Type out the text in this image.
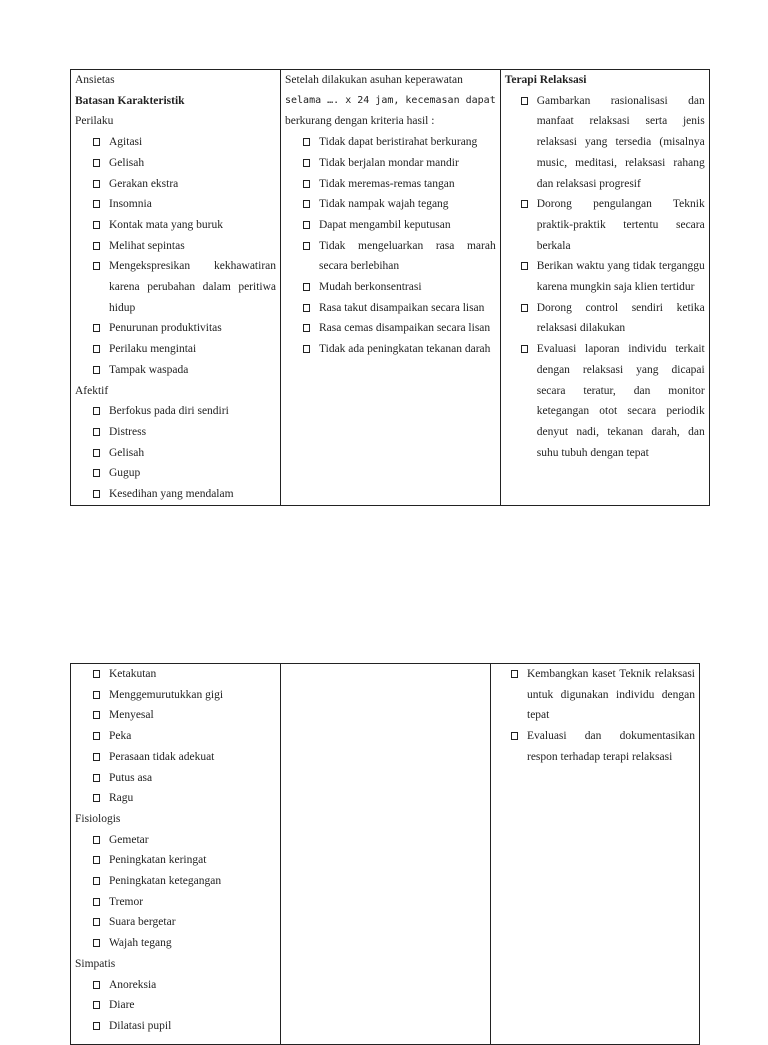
Ansietas
Batasan Karakteristik
Perilaku
Agitasi
Gelisah
Gerakan ekstra
Insomnia
Kontak mata yang buruk
Melihat sepintas
Mengekspresikan kekhawatiran karena perubahan dalam peritiwa hidup
Penurunan produktivitas
Perilaku mengintai
Tampak waspada
Afektif
Berfokus pada diri sendiri
Distress
Gelisah
Gugup
Kesedihan yang mendalam

Setelah dilakukan asuhan keperawatan
selama …. x 24 jam, kecemasan dapat
berkurang dengan kriteria hasil :
Tidak dapat beristirahat berkurang
Tidak berjalan mondar mandir
Tidak meremas-remas tangan
Tidak nampak wajah tegang
Dapat mengambil keputusan
Tidak mengeluarkan rasa marah secara berlebihan
Mudah berkonsentrasi
Rasa takut disampaikan secara lisan
Rasa cemas disampaikan secara lisan
Tidak ada peningkatan tekanan darah

Terapi Relaksasi
Gambarkan rasionalisasi dan manfaat relaksasi serta jenis relaksasi yang tersedia (misalnya music, meditasi, relaksasi rahang dan relaksasi progresif
Dorong pengulangan Teknik praktik-praktik tertentu secara berkala
Berikan waktu yang tidak terganggu karena mungkin saja klien tertidur
Dorong control sendiri ketika relaksasi dilakukan
Evaluasi laporan individu terkait dengan relaksasi yang dicapai secara teratur, dan monitor ketegangan otot secara periodik denyut nadi, tekanan darah, dan suhu tubuh dengan tepat
Ketakutan
Menggemurutukkan gigi
Menyesal
Peka
Perasaan tidak adekuat
Putus asa
Ragu
Fisiologis
Gemetar
Peningkatan keringat
Peningkatan ketegangan
Tremor
Suara bergetar
Wajah tegang
Simpatis
Anoreksia
Diare
Dilatasi pupil

Kembangkan kaset Teknik relaksasi untuk digunakan individu dengan tepat
Evaluasi dan dokumentasikan respon terhadap terapi relaksasi
